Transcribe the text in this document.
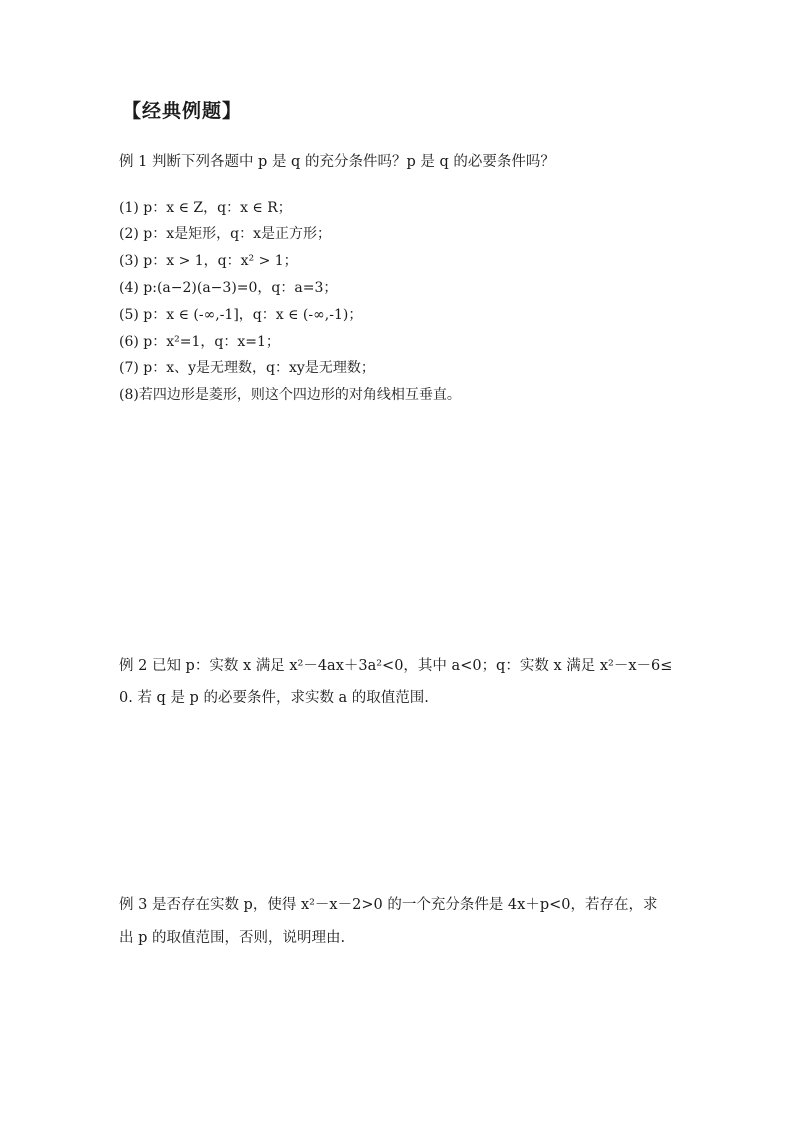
【经典例题】
例 1 判断下列各题中 p 是 q 的充分条件吗？p 是 q 的必要条件吗？
(1) p：x ∈ Z，q：x ∈ R；
(2) p：x是矩形，q：x是正方形；
(3) p：x > 1，q：x² > 1；
(4) p:(a−2)(a−3)=0，q：a=3；
(5) p：x ∈ (-∞,-1]，q：x ∈ (-∞,-1)；
(6) p：x²=1，q：x=1；
(7) p：x、y是无理数，q：xy是无理数；
(8)若四边形是菱形，则这个四边形的对角线相互垂直。
例 2 已知 p：实数 x 满足 x²－4ax＋3a²<0，其中 a<0；q：实数 x 满足 x²－x－6≤
0. 若 q 是 p 的必要条件，求实数 a 的取值范围.
例 3 是否存在实数 p，使得 x²－x－2>0 的一个充分条件是 4x＋p<0，若存在，求
出 p 的取值范围，否则，说明理由.
